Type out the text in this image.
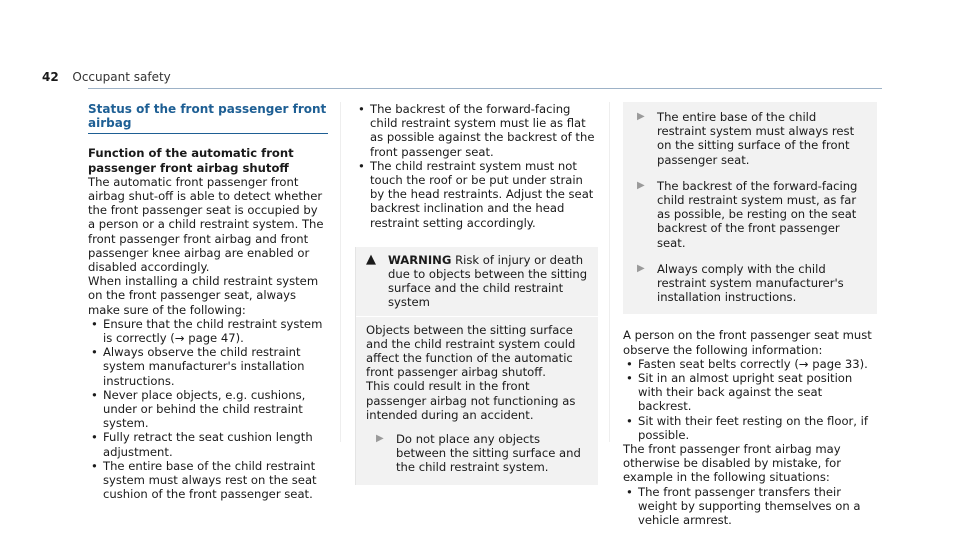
42 Occupant safety
Status of the front passenger front airbag
Function of the automatic front passenger front airbag shutoff

The automatic front passenger front airbag shut‑off is able to detect whether the front passenger seat is occupied by a person or a child restraint system. The front passenger front airbag and front passenger knee airbag are enabled or disabled accordingly.

When installing a child restraint system on the front passenger seat, always make sure of the following:

• Ensure that the child restraint system is correctly (→ page 47).
• Always observe the child restraint system manufacturer's installation instructions.
• Never place objects, e.g. cushions, under or behind the child restraint system.
• Fully retract the seat cushion length adjustment.
• The entire base of the child restraint system must always rest on the seat cushion of the front passenger seat.
• The backrest of the forward‑facing child restraint system must lie as flat as possible against the backrest of the front passenger seat.
• The child restraint system must not touch the roof or be put under strain by the head restraints. Adjust the seat backrest inclination and the head restraint setting accordingly.
▲	WARNING Risk of injury or death due to objects between the sitting surface and the child restraint system

Objects between the sitting surface and the child restraint system could affect the function of the automatic front passenger airbag shutoff.

This could result in the front passenger airbag not functioning as intended during an accident.

▶ Do not place any objects between the sitting surface and the child restraint system.
▶ The entire base of the child restraint system must always rest on the sitting surface of the front passenger seat.
▶ The backrest of the forward‑facing child restraint system must, as far as possible, be resting on the seat backrest of the front passenger seat.
▶ Always comply with the child restraint system manufacturer's installation instructions.

A person on the front passenger seat must observe the following information:

• Fasten seat belts correctly (→ page 33).
• Sit in an almost upright seat position with their back against the seat backrest.
• Sit with their feet resting on the floor, if possible.

The front passenger front airbag may otherwise be disabled by mistake, for example in the following situations:

• The front passenger transfers their weight by supporting themselves on a vehicle armrest.
